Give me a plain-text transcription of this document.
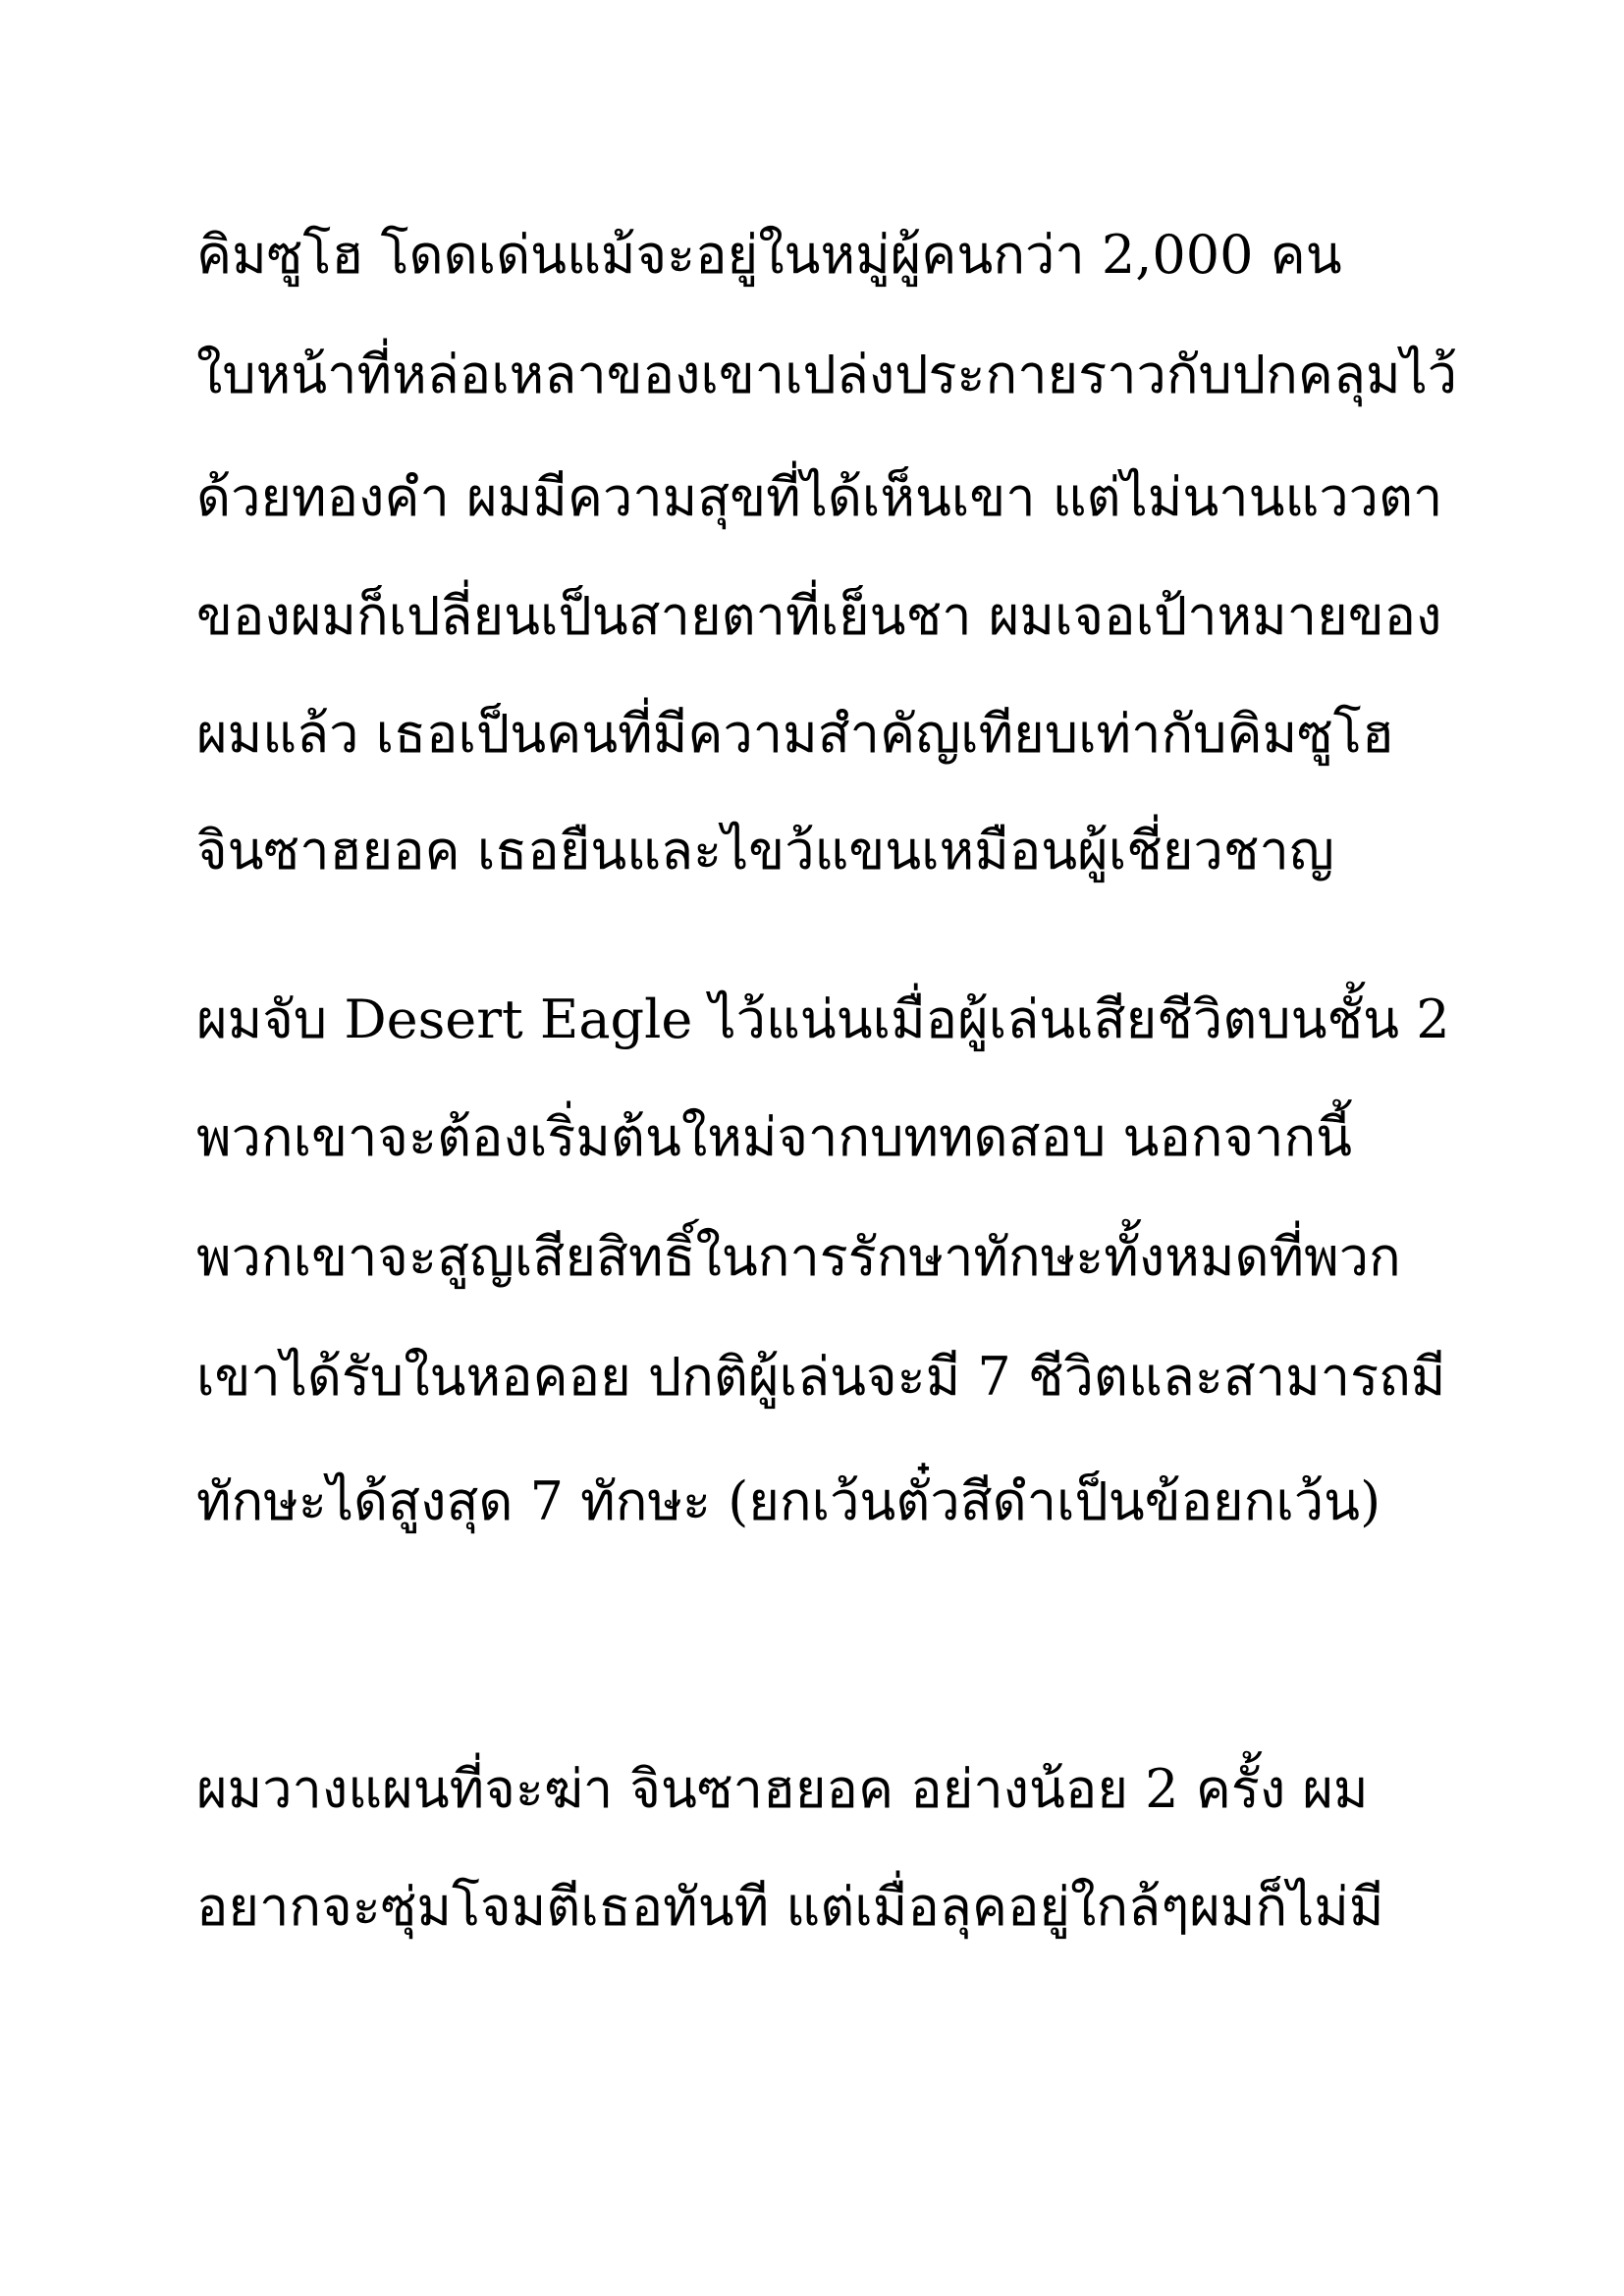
คิมซูโฮ โดดเด่นแม้จะอยู่ในหมู่ผู้คนกว่า 2,000 คน

ใบหน้าที่หล่อเหลาของเขาเปล่งประกายราวกับปกคลุมไว้

ด้วยทองคำ ผมมีความสุขที่ได้เห็นเขา แต่ไม่นานแววตา

ของผมก็เปลี่ยนเป็นสายตาที่เย็นชา ผมเจอเป้าหมายของ

ผมแล้ว เธอเป็นคนที่มีความสำคัญเทียบเท่ากับคิมซูโฮ

จินซาฮยอค เธอยืนและไขว้แขนเหมือนผู้เชี่ยวชาญ

ผมจับ Desert Eagle ไว้แน่นเมื่อผู้เล่นเสียชีวิตบนชั้น 2

พวกเขาจะต้องเริ่มต้นใหม่จากบททดสอบ นอกจากนี้

พวกเขาจะสูญเสียสิทธิ์ในการรักษาทักษะทั้งหมดที่พวก

เขาได้รับในหอคอย ปกติผู้เล่นจะมี 7 ชีวิตและสามารถมี

ทักษะได้สูงสุด 7 ทักษะ (ยกเว้นตั๋วสีดำเป็นข้อยกเว้น)

ผมวางแผนที่จะฆ่า จินซาฮยอค อย่างน้อย 2 ครั้ง ผม

อยากจะซุ่มโจมตีเธอทันที แต่เมื่อลุคอยู่ใกล้ๆผมก็ไม่มี
